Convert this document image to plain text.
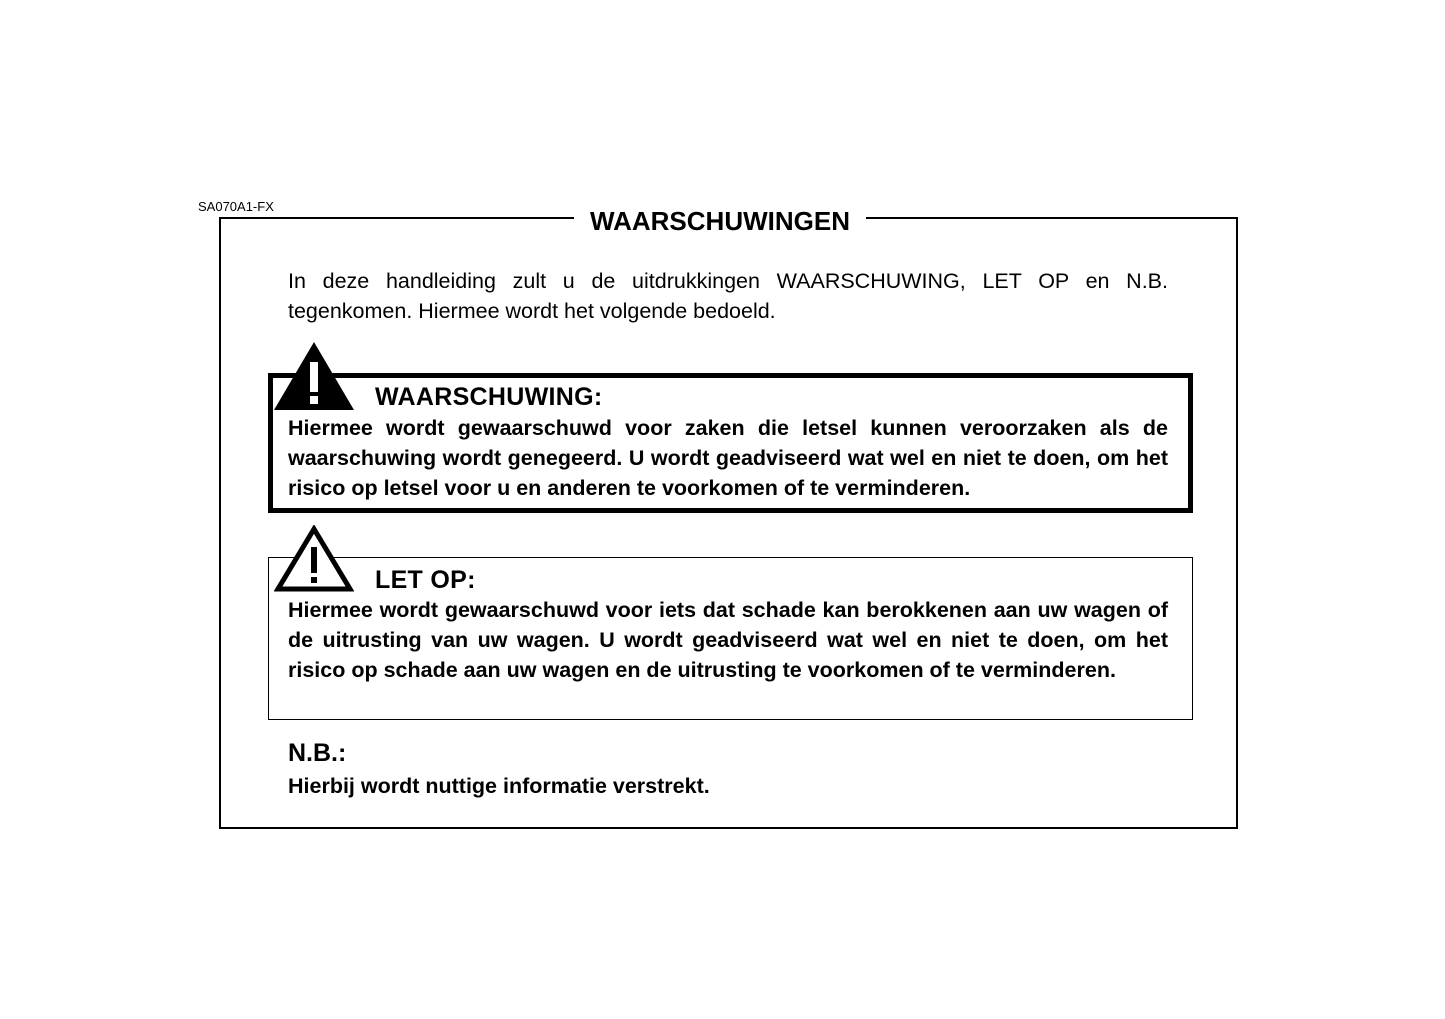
SA070A1-FX	WAARSCHUWINGEN
In deze handleiding zult u de uitdrukkingen WAARSCHUWING, LET OP en N.B. tegenkomen. Hiermee wordt het volgende bedoeld.
WAARSCHUWING:
Hiermee wordt gewaarschuwd voor zaken die letsel kunnen veroorzaken als de waarschuwing wordt genegeerd. U wordt geadviseerd wat wel en niet te doen, om het risico op letsel voor u en anderen te voorkomen of te verminderen.
LET OP:
Hiermee wordt gewaarschuwd voor iets dat schade kan berokkenen aan uw wagen of de uitrusting van uw wagen. U wordt geadviseerd wat wel en niet te doen, om het risico op schade aan uw wagen en de uitrusting te voorkomen of te verminderen.
N.B.:
Hierbij wordt nuttige informatie verstrekt.
